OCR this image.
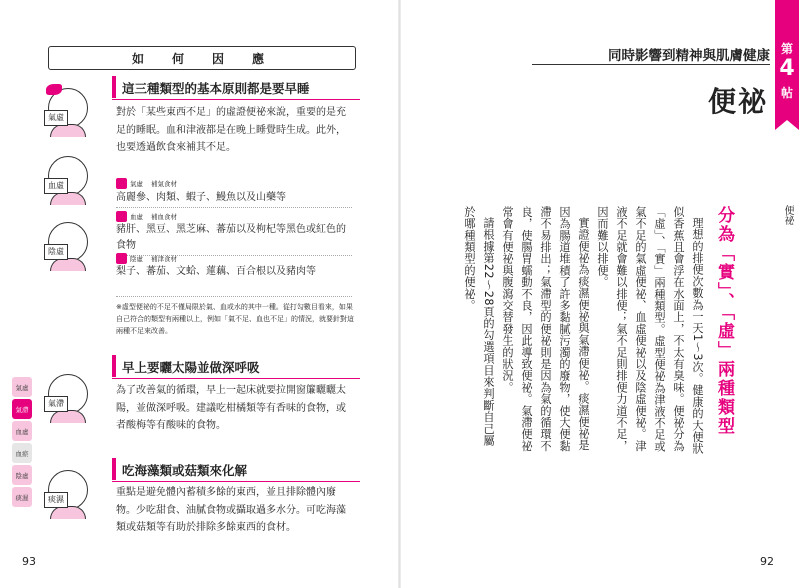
如　何　因　應
氣虛
這三種類型的基本原則都是要早睡
對於「某些東西不足」的虛證便祕來說，重要的是充足的睡眠。血和津液都是在晚上睡覺時生成。此外，也要透過飲食來補其不足。
血虛
陰虛
氣虛 補氣食材
高麗參、肉類、蝦子、鰻魚以及山藥等
血虛 補血食材
豬肝、黑豆、黑芝麻、蕃茄以及枸杞等黑色或紅色的食物
陰虛 補津食材
梨子、蕃茄、文蛤、蓮藕、百合根以及豬肉等
※虛型便祕的不足不僅局限於氣、血或水的其中一種。從打勾數目看來，如果自己符合的類型有兩種以上，例如「氣不足、血也不足」的情況，就要針對這兩種不足來改善。
氣滯
早上要曬太陽並做深呼吸
為了改善氣的循環，早上一起床就要拉開窗簾曬曬太陽，並做深呼吸。建議吃柑橘類等有香味的食物，或者酸梅等有酸味的食物。
痰濕
吃海藻類或菇類來化解
重點是避免體內蓄積多餘的東西，並且排除體內廢物。少吃甜食、油膩食物或攝取過多水分。可吃海藻類或菇類等有助於排除多餘東西的食材。
氣虛
氣滯
血虛
血瘀
陰虛
痰濕
93
第
4
帖
同時影響到精神與肌膚健康
便祕
便祕
分為「實」、「虛」兩種類型

理想的排便次數為一天1～3次。健康的大便狀似香蕉且會浮在水面上，不太有臭味。便祕分為「虛」、「實」兩種類型。虛型便祕為津液不足或氣不足的氣虛便祕、血虛便祕以及陰虛便祕。津液不足就會難以排便；氣不足則排便力道不足，因而難以排便。

實證便祕為痰濕便祕與氣滯便祕。痰濕便祕是因為腸道堆積了許多黏膩污濁的廢物，使大便黏滯不易排出；氣滯型的便祕則是因為氣的循環不良，使腸胃蠕動不良，因此導致便祕。氣滯便祕常會有便祕與腹瀉交替發生的狀況。

請根據第22～28頁的勾選項目來判斷自己屬於哪種類型的便祕。

92
